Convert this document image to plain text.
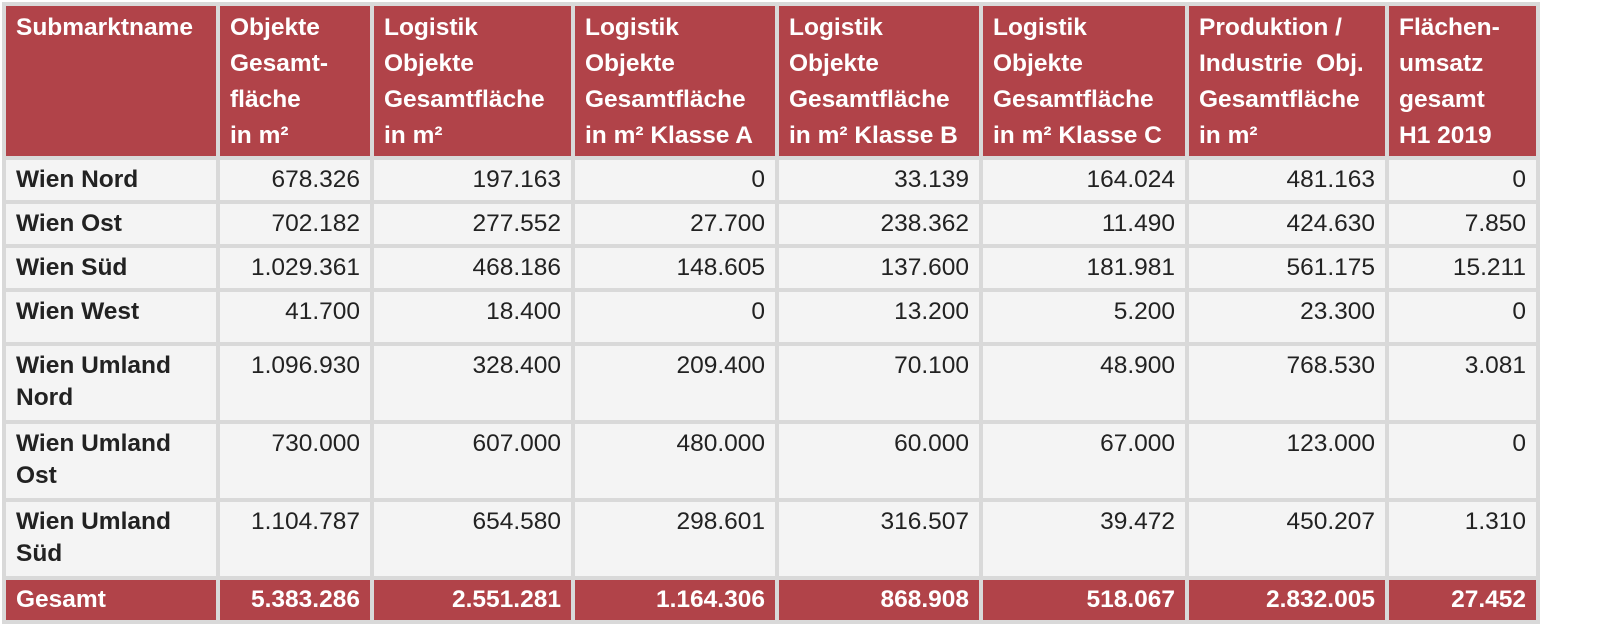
Submarktname	Objekte
Gesamt-
fläche
in m²	Logistik
Objekte
Gesamtfläche
in m²	Logistik
Objekte
Gesamtfläche
in m² Klasse A	Logistik
Objekte
Gesamtfläche
in m² Klasse B	Logistik
Objekte
Gesamtfläche
in m² Klasse C	Produktion /
Industrie  Obj.
Gesamtfläche
in m²	Flächen-
umsatz
gesamt
H1 2019

Wien Nord	678.326	197.163	0	33.139	164.024	481.163	0

Wien Ost	702.182	277.552	27.700	238.362	11.490	424.630	7.850

Wien Süd	1.029.361	468.186	148.605	137.600	181.981	561.175	15.211

Wien West	41.700	18.400	0	13.200	5.200	23.300	0

Wien Umland
Nord	1.096.930	328.400	209.400	70.100	48.900	768.530	3.081

Wien Umland
Ost	730.000	607.000	480.000	60.000	67.000	123.000	0

Wien Umland
Süd	1.104.787	654.580	298.601	316.507	39.472	450.207	1.310
Gesamt	5.383.286	2.551.281	1.164.306	868.908	518.067	2.832.005	27.452
